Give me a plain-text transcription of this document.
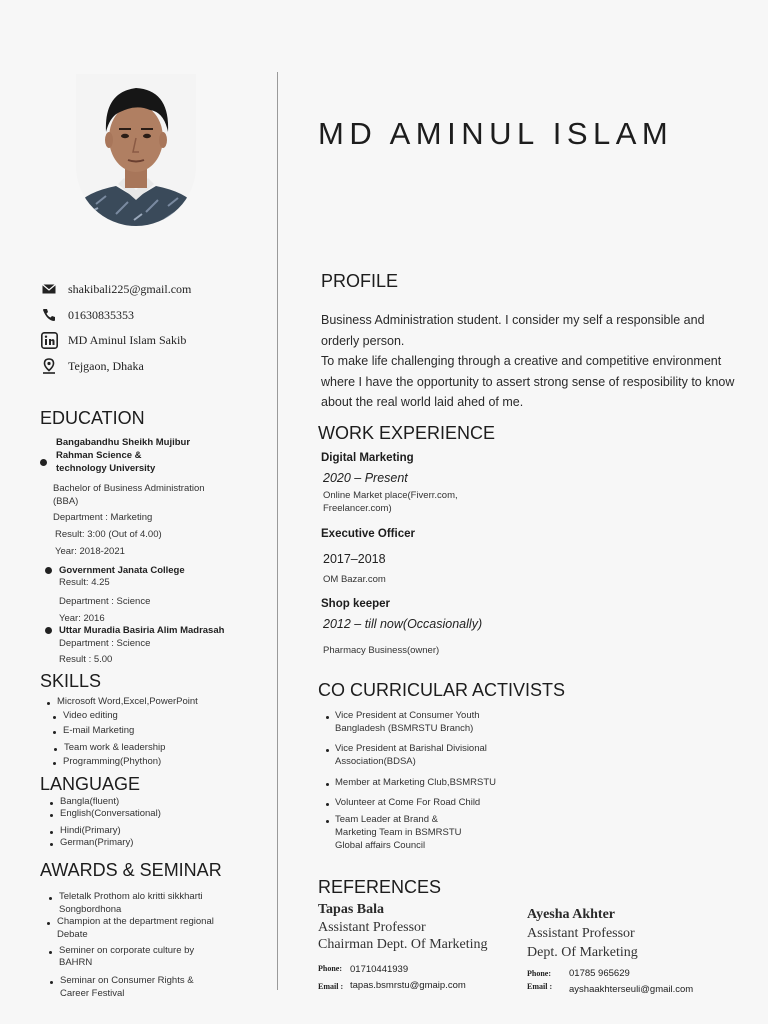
MD AMINUL ISLAM
shakibali225@gmail.com
01630835353
MD Aminul Islam Sakib
Tejgaon, Dhaka
EDUCATION
Bangabandhu Sheikh Mujibur
Rahman Science &
technology University
Bachelor of Business Administration
(BBA)
Department : Marketing
Result: 3:00 (Out of 4.00)
Year: 2018-2021
Government Janata College
Result: 4.25
Department : Science
Year: 2016
Uttar Muradia Basiria Alim Madrasah
Department : Science
Result : 5.00
SKILLS
Microsoft Word,Excel,PowerPoint
Video editing
E-mail Marketing
Team work & leadership
Programming(Phython)
LANGUAGE
Bangla(fluent)
English(Conversational)
Hindi(Primary)
German(Primary)
AWARDS & SEMINAR
Teletalk Prothom alo kritti sikkharti
Songbordhona
Champion at the department regional
Debate
Seminer on corporate culture by
BAHRN
Seminar on Consumer Rights &
Career Festival
PROFILE

Business Administration student. I consider my self a responsible and orderly person.

To make life challenging through a creative and competitive environment where I have the opportunity to assert strong sense of resposibility to know about the real world laid ahed of me.

WORK EXPERIENCE
Digital Marketing
2020 – Present
Online Market place(Fiverr.com,
Freelancer.com)
Executive Officer
2017–2018
OM Bazar.com
Shop keeper
2012 – till now(Occasionally)
Pharmacy Business(owner)
CO CURRICULAR ACTIVISTS
Vice President at Consumer Youth
Bangladesh (BSMRSTU Branch)
Vice President at Barishal Divisional
Association(BDSA)
Member at Marketing Club,BSMRSTU
Volunteer at Come For Road Child
Team Leader at Brand &
Marketing Team in BSMRSTU
Global affairs Council
REFERENCES
Tapas Bala
Assistant Professor
Chairman Dept. Of Marketing
Phone: 01710441939
Email : tapas.bsmrstu@gmaip.com
Ayesha Akhter
Assistant Professor
Dept. Of Marketing
Phone: 01785 965629
Email : ayshaakhterseuli@gmail.com
